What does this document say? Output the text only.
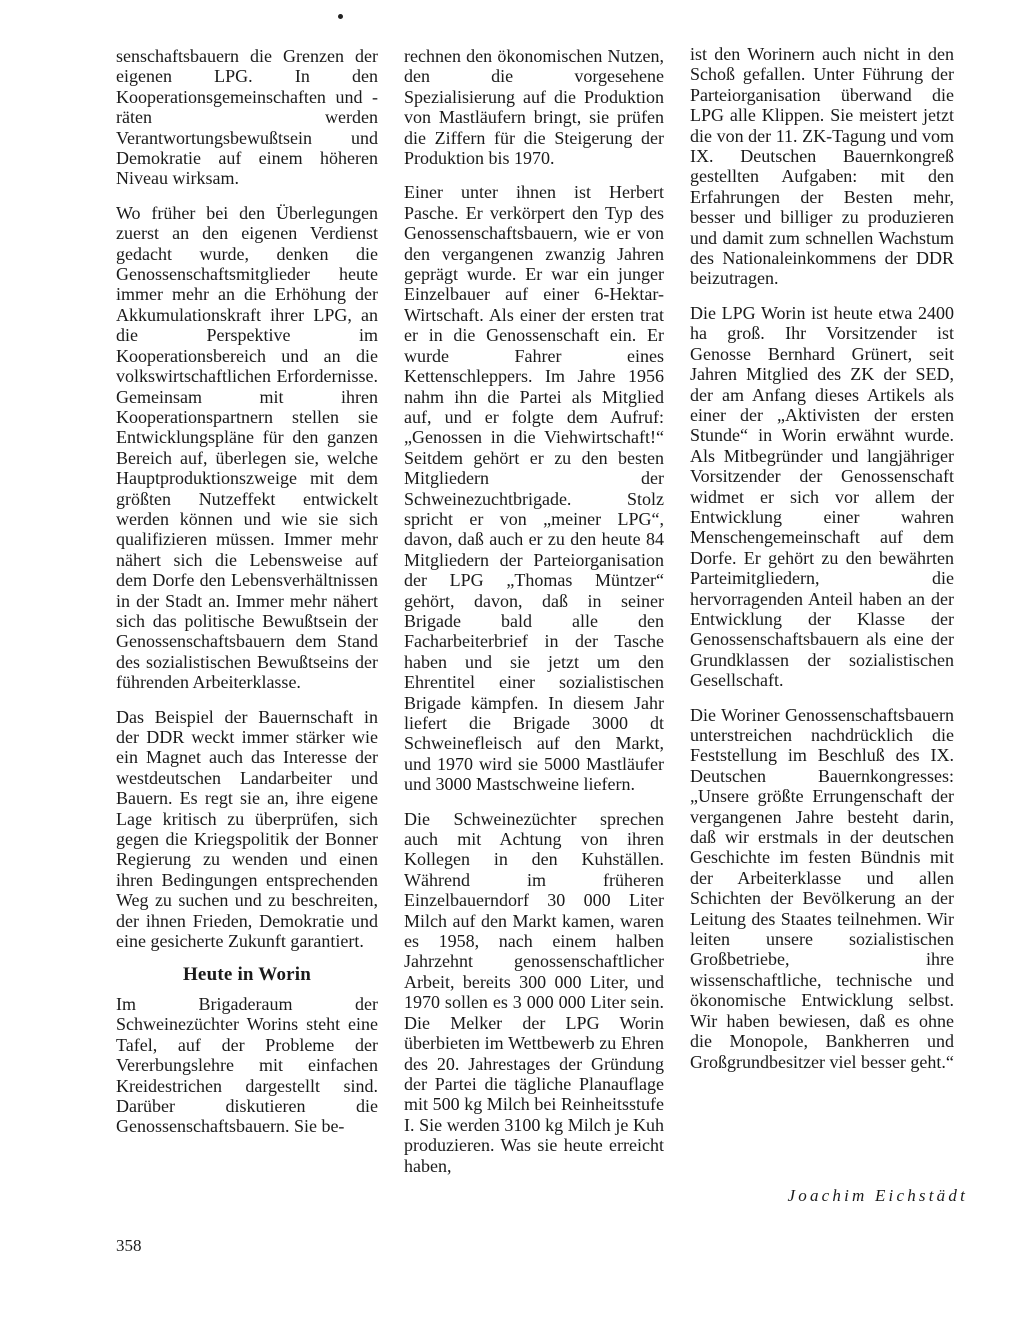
senschaftsbauern die Grenzen der eigenen LPG. In den Kooperationsgemeinschaften und -räten werden Verantwortungsbewußtsein und Demokratie auf einem höheren Niveau wirksam.

Wo früher bei den Überlegungen zuerst an den eigenen Verdienst gedacht wurde, denken die Genossenschaftsmitglieder heute immer mehr an die Erhöhung der Akkumulationskraft ihrer LPG, an die Perspektive im Kooperationsbereich und an die volkswirtschaftlichen Erfordernisse. Gemeinsam mit ihren Kooperationspartnern stellen sie Entwicklungspläne für den ganzen Bereich auf, überlegen sie, welche Hauptproduktionszweige mit dem größten Nutzeffekt entwickelt werden können und wie sie sich qualifizieren müssen. Immer mehr nähert sich die Lebensweise auf dem Dorfe den Lebensverhältnissen in der Stadt an. Immer mehr nähert sich das politische Bewußtsein der Genossenschaftsbauern dem Stand des sozialistischen Bewußtseins der führenden Arbeiterklasse.

Das Beispiel der Bauernschaft in der DDR weckt immer stärker wie ein Magnet auch das Interesse der westdeutschen Landarbeiter und Bauern. Es regt sie an, ihre eigene Lage kritisch zu überprüfen, sich gegen die Kriegspolitik der Bonner Regierung zu wenden und einen ihren Bedingungen entsprechenden Weg zu suchen und zu beschreiten, der ihnen Frieden, Demokratie und eine gesicherte Zukunft garantiert.

Heute in Worin

Im Brigaderaum der Schweinezüchter Worins steht eine Tafel, auf der Probleme der Vererbungslehre mit einfachen Kreidestrichen dargestellt sind. Darüber diskutieren die Genossenschaftsbauern. Sie be-

rechnen den ökonomischen Nutzen, den die vorgesehene Spezialisierung auf die Produktion von Mastläufern bringt, sie prüfen die Ziffern für die Steigerung der Produktion bis 1970.

Einer unter ihnen ist Herbert Pasche. Er verkörpert den Typ des Genossenschaftsbauern, wie er von den vergangenen zwanzig Jahren geprägt wurde. Er war ein junger Einzelbauer auf einer 6-Hektar-Wirtschaft. Als einer der ersten trat er in die Genossenschaft ein. Er wurde Fahrer eines Kettenschleppers. Im Jahre 1956 nahm ihn die Partei als Mitglied auf, und er folgte dem Aufruf: „Genossen in die Viehwirtschaft!“ Seitdem gehört er zu den besten Mitgliedern der Schweinezuchtbrigade. Stolz spricht er von „meiner LPG“, davon, daß auch er zu den heute 84 Mitgliedern der Parteiorganisation der LPG „Thomas Müntzer“ gehört, davon, daß in seiner Brigade bald alle den Facharbeiterbrief in der Tasche haben und sie jetzt um den Ehrentitel einer sozialistischen Brigade kämpfen. In diesem Jahr liefert die Brigade 3000 dt Schweinefleisch auf den Markt, und 1970 wird sie 5000 Mastläufer und 3000 Mastschweine liefern.

Die Schweinezüchter sprechen auch mit Achtung von ihren Kollegen in den Kuhställen. Während im früheren Einzelbauerndorf 30 000 Liter Milch auf den Markt kamen, waren es 1958, nach einem halben Jahrzehnt genossenschaftlicher Arbeit, bereits 300 000 Liter, und 1970 sollen es 3 000 000 Liter sein. Die Melker der LPG Worin überbieten im Wettbewerb zu Ehren des 20. Jahrestages der Gründung der Partei die tägliche Planauflage mit 500 kg Milch bei Reinheitsstufe I. Sie werden 3100 kg Milch je Kuh produzieren. Was sie heute erreicht haben,

ist den Worinern auch nicht in den Schoß gefallen. Unter Führung der Parteiorganisation überwand die LPG alle Klippen. Sie meistert jetzt die von der 11. ZK-Tagung und vom IX. Deutschen Bauernkongreß gestellten Aufgaben: mit den Erfahrungen der Besten mehr, besser und billiger zu produzieren und damit zum schnellen Wachstum des Nationaleinkommens der DDR beizutragen.

Die LPG Worin ist heute etwa 2400 ha groß. Ihr Vorsitzender ist Genosse Bernhard Grünert, seit Jahren Mitglied des ZK der SED, der am Anfang dieses Artikels als einer der „Aktivisten der ersten Stunde“ in Worin erwähnt wurde. Als Mitbegründer und langjähriger Vorsitzender der Genossenschaft widmet er sich vor allem der Entwicklung einer wahren Menschengemeinschaft auf dem Dorfe. Er gehört zu den bewährten Parteimitgliedern, die hervorragenden Anteil haben an der Entwicklung der Klasse der Genossenschaftsbauern als eine der Grundklassen der sozialistischen Gesellschaft.

Die Woriner Genossenschaftsbauern unterstreichen nachdrücklich die Feststellung im Beschluß des IX. Deutschen Bauernkongresses: „Unsere größte Errungenschaft der vergangenen Jahre besteht darin, daß wir erstmals in der deutschen Geschichte im festen Bündnis mit der Arbeiterklasse und allen Schichten der Bevölkerung an der Leitung des Staates teilnehmen. Wir leiten unsere sozialistischen Großbetriebe, ihre wissenschaftliche, technische und ökonomische Entwicklung selbst. Wir haben bewiesen, daß es ohne die Monopole, Bankherren und Großgrundbesitzer viel besser geht.“

Joachim Eichstädt
358
